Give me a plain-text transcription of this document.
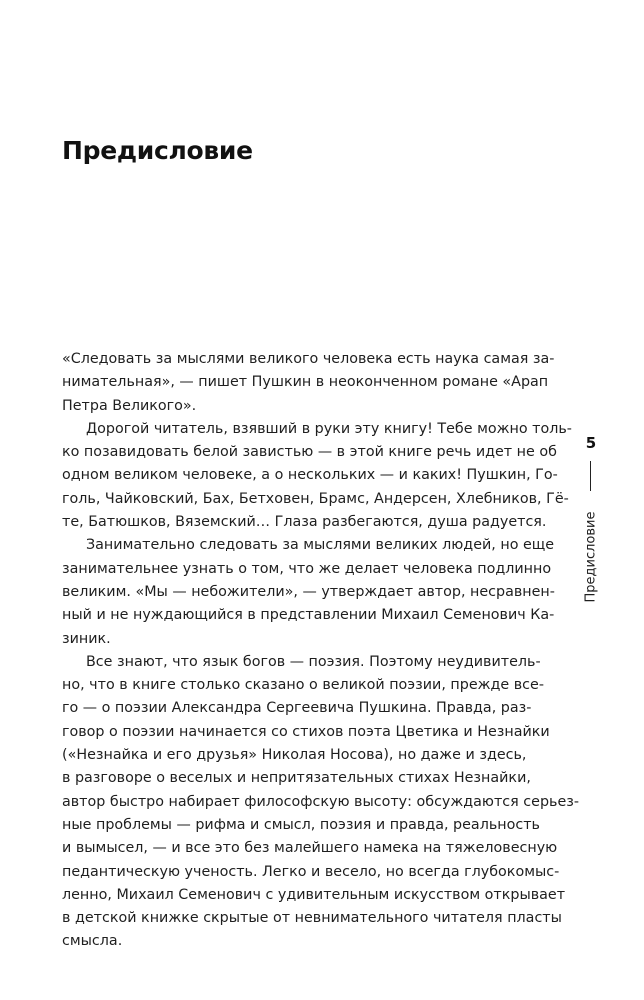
Предисловие
«Следовать за мыслями великого человека есть наука самая за-
нимательная», — пишет Пушкин в неоконченном романе «Арап
Петра Великого».
Дорогой читатель, взявший в руки эту книгу! Тебе можно толь-
ко позавидовать белой завистью — в этой книге речь идет не об
одном великом человеке, а о нескольких — и каких! Пушкин, Го-
голь, Чайковский, Бах, Бетховен, Брамс, Андерсен, Хлебников, Гё-
те, Батюшков, Вяземский… Глаза разбегаются, душа радуется.
Занимательно следовать за мыслями великих людей, но еще
занимательнее узнать о том, что же делает человека подлинно
великим. «Мы — небожители», — утверждает автор, несравнен-
ный и не нуждающийся в представлении Михаил Семенович Ка-
зиник.
Все знают, что язык богов — поэзия. Поэтому неудивитель-
но, что в книге столько сказано о великой поэзии, прежде все-
го — о поэзии Александра Сергеевича Пушкина. Правда, раз-
говор о поэзии начинается со стихов поэта Цветика и Незнайки
(«Незнайка и его друзья» Николая Носова), но даже и здесь,
в разговоре о веселых и непритязательных стихах Незнайки,
автор быстро набирает философскую высоту: обсуждаются серьез-
ные проблемы — рифма и смысл, поэзия и правда, реальность
и вымысел, — и все это без малейшего намека на тяжеловесную
педантическую ученость. Легко и весело, но всегда глубокомыс-
ленно, Михаил Семенович с удивительным искусством открывает
в детской книжке скрытые от невнимательного читателя пласты
смысла.
5
Предисловие
